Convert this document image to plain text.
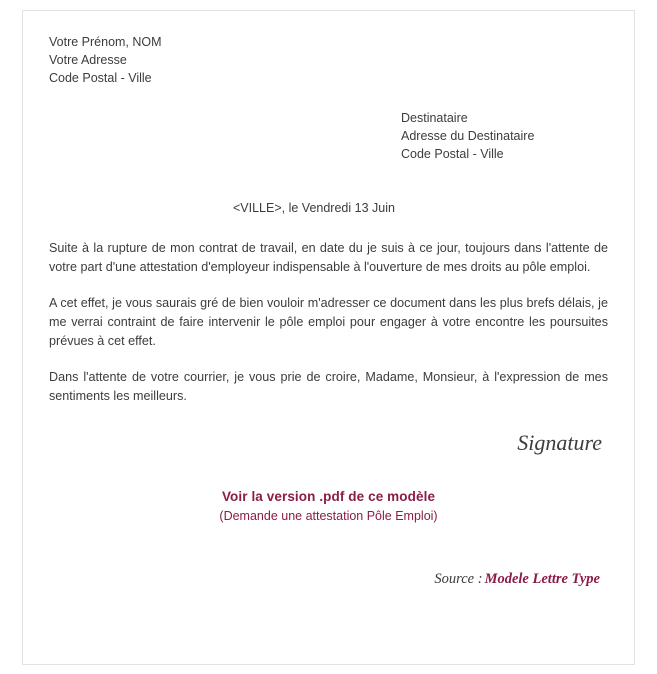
Votre Prénom, NOM
Votre Adresse
Code Postal - Ville
Destinataire
Adresse du Destinataire
Code Postal - Ville
<VILLE>, le Vendredi 13 Juin

Suite à la rupture de mon contrat de travail, en date du je suis à ce jour, toujours dans l'attente de votre part d'une attestation d'employeur indispensable à l'ouverture de mes droits au pôle emploi.

A cet effet, je vous saurais gré de bien vouloir m'adresser ce document dans les plus brefs délais, je me verrai contraint de faire intervenir le pôle emploi pour engager à votre encontre les poursuites prévues à cet effet.

Dans l'attente de votre courrier, je vous prie de croire, Madame, Monsieur, à l'expression de mes sentiments les meilleurs.

Signature
Voir la version .pdf de ce modèle
(Demande une attestation Pôle Emploi)
Source : Modele Lettre Type
